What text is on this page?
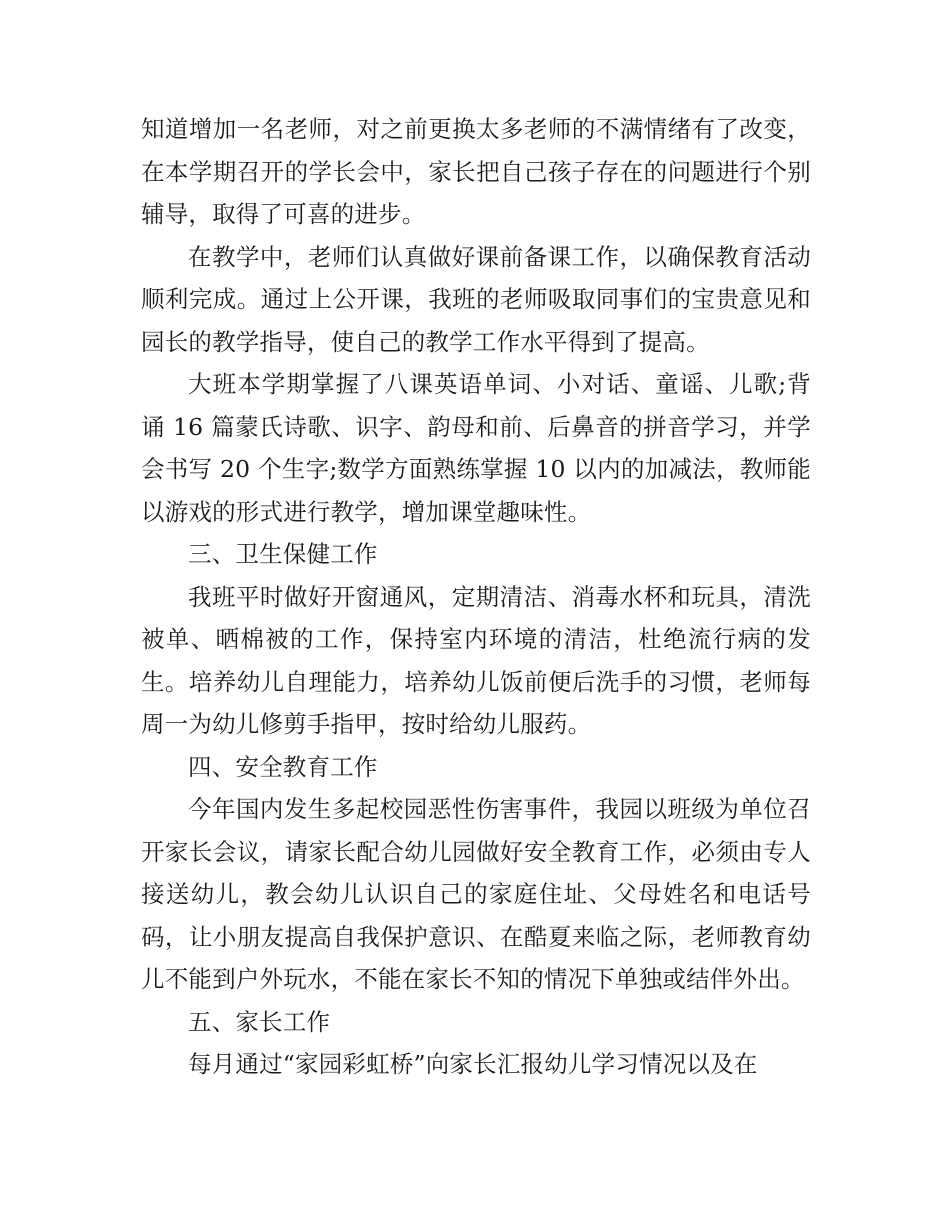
知道增加一名老师，对之前更换太多老师的不满情绪有了改变，在本学期召开的学长会中，家长把自己孩子存在的问题进行个别辅导，取得了可喜的进步。

在教学中，老师们认真做好课前备课工作，以确保教育活动顺利完成。通过上公开课，我班的老师吸取同事们的宝贵意见和园长的教学指导，使自己的教学工作水平得到了提高。

大班本学期掌握了八课英语单词、小对话、童谣、儿歌;背诵 16 篇蒙氏诗歌、识字、韵母和前、后鼻音的拼音学习，并学会书写 20 个生字;数学方面熟练掌握 10 以内的加减法，教师能以游戏的形式进行教学，增加课堂趣味性。

三、卫生保健工作

我班平时做好开窗通风，定期清洁、消毒水杯和玩具，清洗被单、晒棉被的工作，保持室内环境的清洁，杜绝流行病的发生。培养幼儿自理能力，培养幼儿饭前便后洗手的习惯，老师每周一为幼儿修剪手指甲，按时给幼儿服药。

四、安全教育工作

今年国内发生多起校园恶性伤害事件，我园以班级为单位召开家长会议，请家长配合幼儿园做好安全教育工作，必须由专人接送幼儿，教会幼儿认识自己的家庭住址、父母姓名和电话号码，让小朋友提高自我保护意识、在酷夏来临之际，老师教育幼儿不能到户外玩水，不能在家长不知的情况下单独或结伴外出。

五、家长工作

每月通过“家园彩虹桥”向家长汇报幼儿学习情况以及在
